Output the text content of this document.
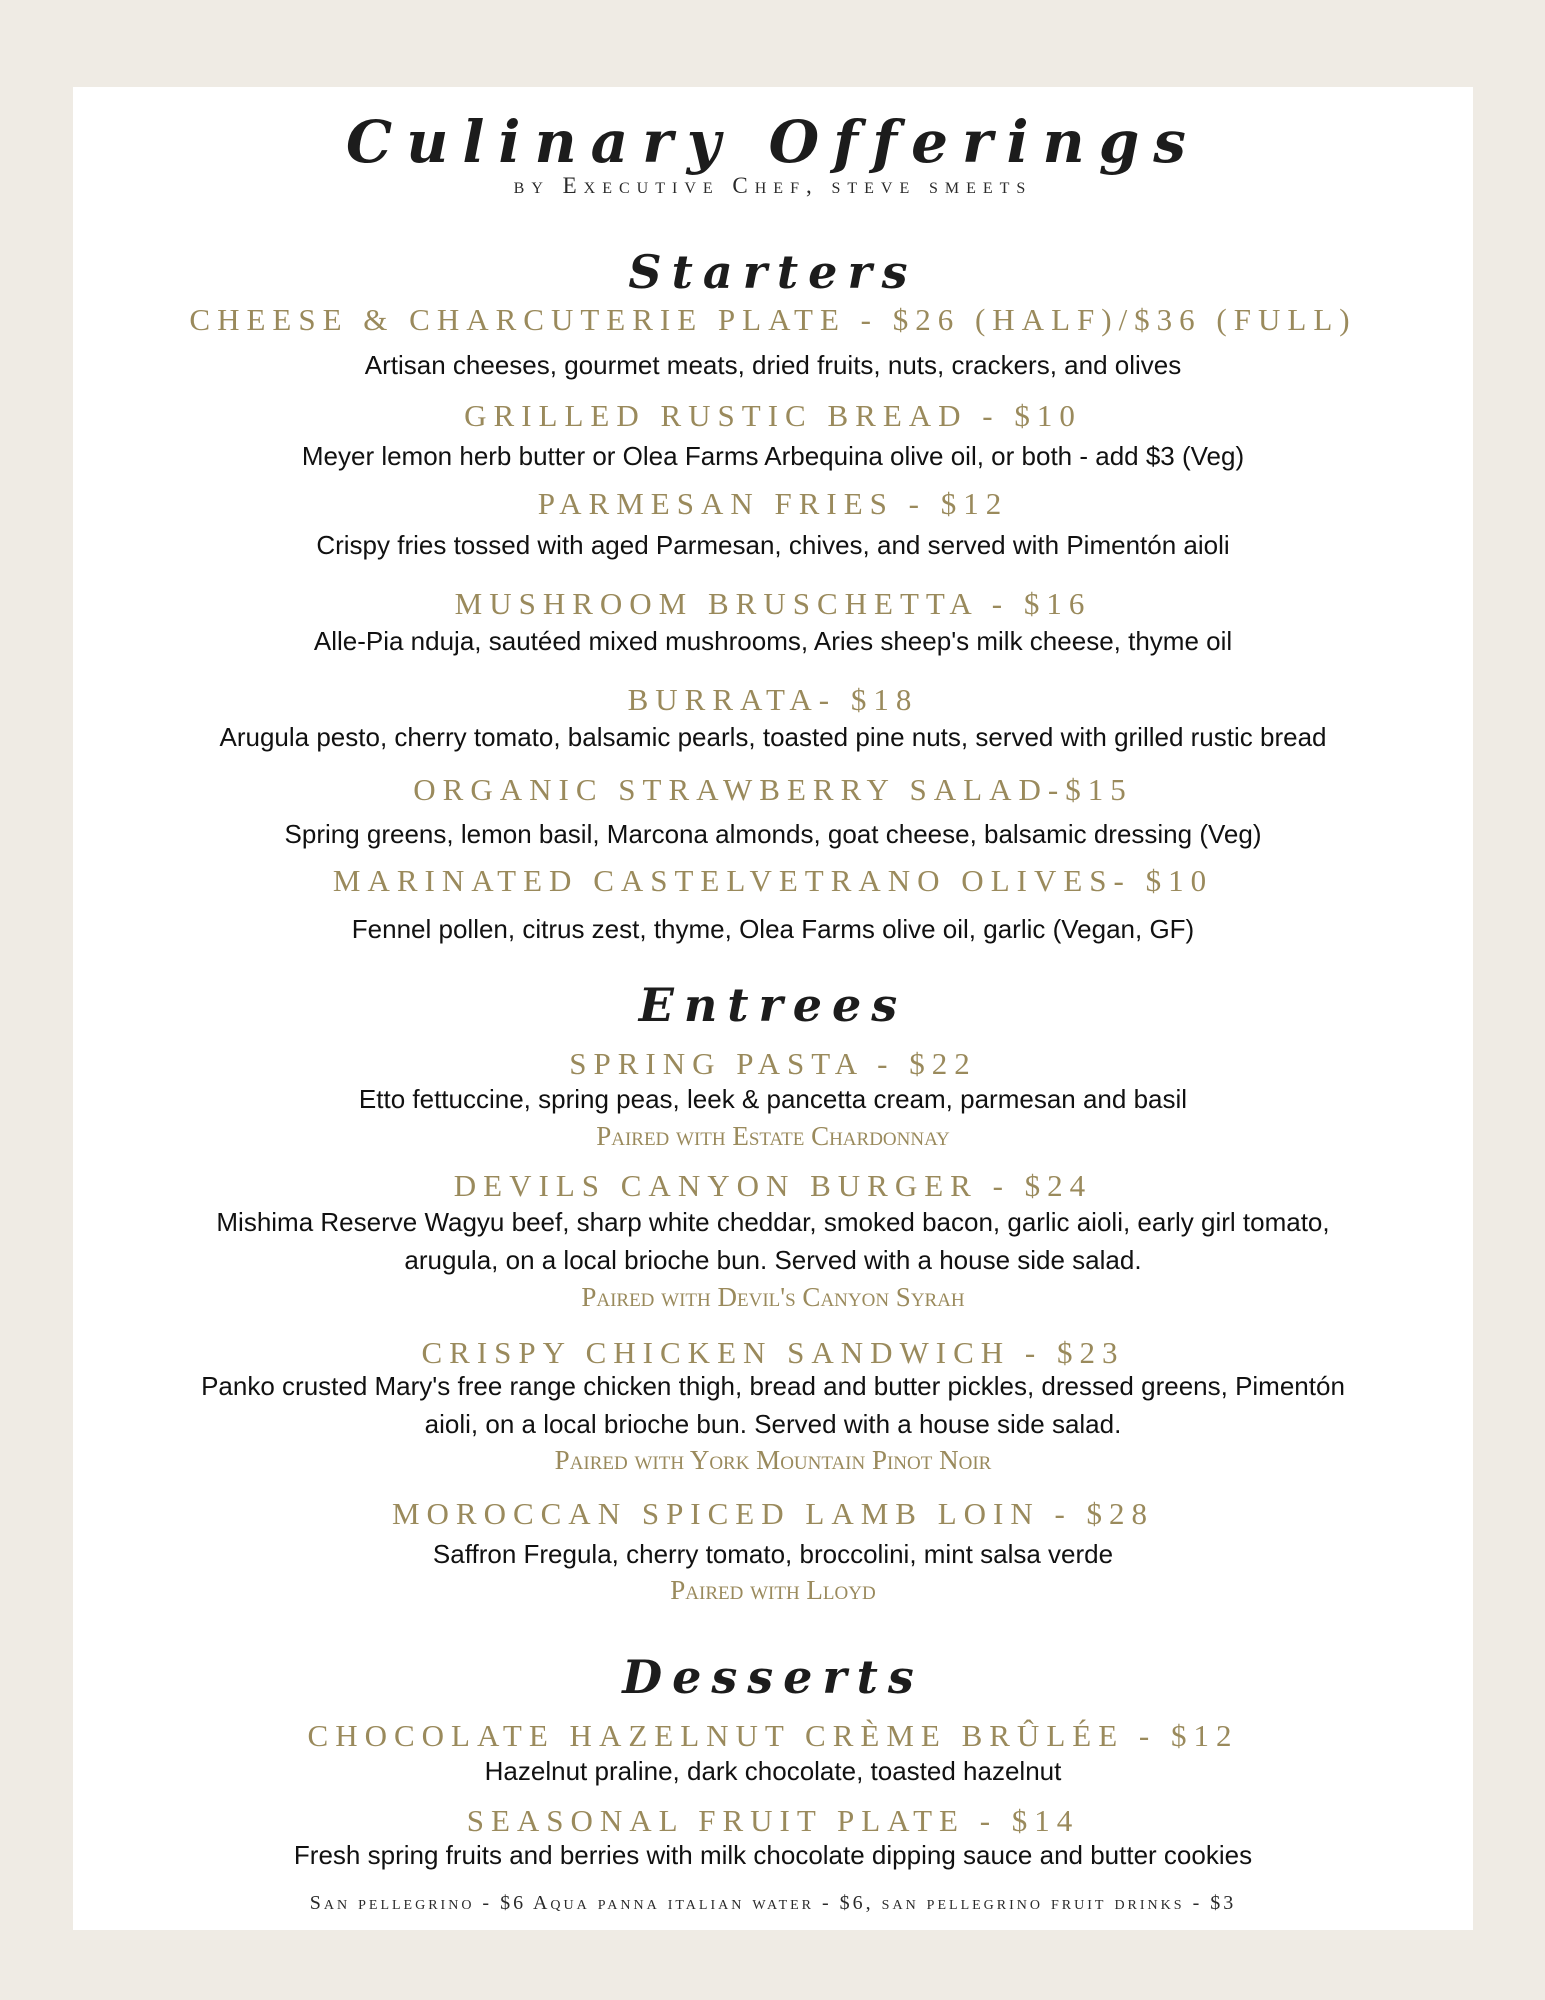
Culinary Offerings
by Executive Chef, steve smeets
Starters
CHEESE & CHARCUTERIE PLATE - $26 (HALF)/$36 (FULL)
Artisan cheeses, gourmet meats, dried fruits, nuts, crackers, and olives
GRILLED RUSTIC BREAD - $10
Meyer lemon herb butter or Olea Farms Arbequina olive oil, or both - add $3 (Veg)
PARMESAN FRIES - $12
Crispy fries tossed with aged Parmesan, chives, and served with Pimentón aioli
MUSHROOM BRUSCHETTA - $16
Alle-Pia nduja, sautéed mixed mushrooms, Aries sheep's milk cheese, thyme oil
BURRATA- $18
Arugula pesto, cherry tomato, balsamic pearls, toasted pine nuts, served with grilled rustic bread
ORGANIC STRAWBERRY SALAD-$15
Spring greens, lemon basil, Marcona almonds, goat cheese, balsamic dressing (Veg)
MARINATED CASTELVETRANO OLIVES- $10
Fennel pollen, citrus zest, thyme, Olea Farms olive oil, garlic (Vegan, GF)
Entrees
SPRING PASTA - $22
Etto fettuccine, spring peas, leek & pancetta cream, parmesan and basil
Paired with Estate Chardonnay
DEVILS CANYON BURGER - $24
Mishima Reserve Wagyu beef, sharp white cheddar, smoked bacon, garlic aioli, early girl tomato,
arugula, on a local brioche bun. Served with a house side salad.
Paired with Devil's Canyon Syrah
CRISPY CHICKEN SANDWICH - $23
Panko crusted Mary's free range chicken thigh, bread and butter pickles, dressed greens, Pimentón
aioli, on a local brioche bun. Served with a house side salad.
Paired with York Mountain Pinot Noir
MOROCCAN SPICED LAMB LOIN - $28
Saffron Fregula, cherry tomato, broccolini, mint salsa verde
Paired with Lloyd
Desserts
CHOCOLATE HAZELNUT CRÈME BRÛLÉE - $12
Hazelnut praline, dark chocolate, toasted hazelnut
SEASONAL FRUIT PLATE - $14
Fresh spring fruits and berries with milk chocolate dipping sauce and butter cookies
San pellegrino - $6 Aqua panna italian water - $6, san pellegrino fruit drinks - $3
